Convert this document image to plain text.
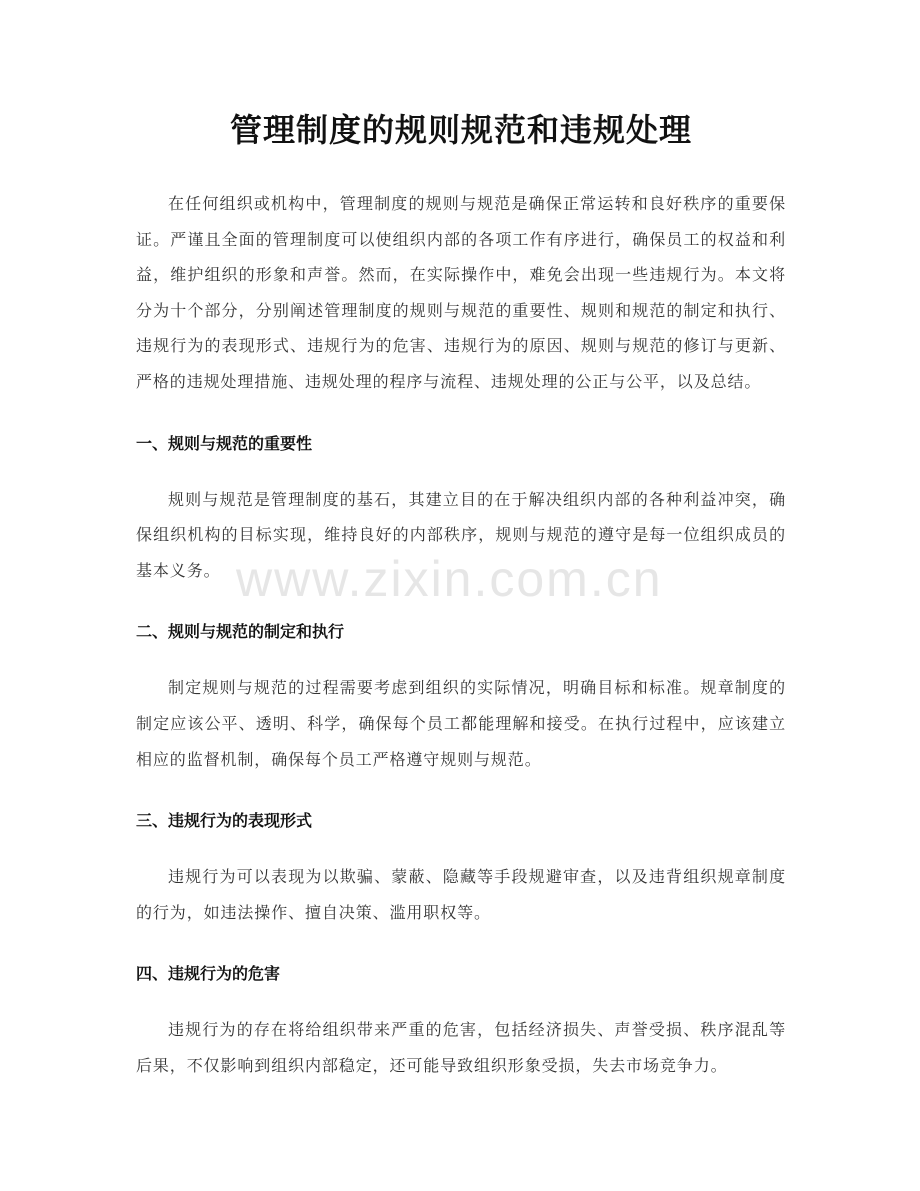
www.zixin.com.cn
管理制度的规则规范和违规处理

在任何组织或机构中，管理制度的规则与规范是确保正常运转和良好秩序的重要保证。严谨且全面的管理制度可以使组织内部的各项工作有序进行，确保员工的权益和利益，维护组织的形象和声誉。然而，在实际操作中，难免会出现一些违规行为。本文将分为十个部分，分别阐述管理制度的规则与规范的重要性、规则和规范的制定和执行、违规行为的表现形式、违规行为的危害、违规行为的原因、规则与规范的修订与更新、严格的违规处理措施、违规处理的程序与流程、违规处理的公正与公平，以及总结。

一、规则与规范的重要性

规则与规范是管理制度的基石，其建立目的在于解决组织内部的各种利益冲突，确保组织机构的目标实现，维持良好的内部秩序，规则与规范的遵守是每一位组织成员的基本义务。

二、规则与规范的制定和执行

制定规则与规范的过程需要考虑到组织的实际情况，明确目标和标准。规章制度的制定应该公平、透明、科学，确保每个员工都能理解和接受。在执行过程中，应该建立相应的监督机制，确保每个员工严格遵守规则与规范。

三、违规行为的表现形式

违规行为可以表现为以欺骗、蒙蔽、隐藏等手段规避审查，以及违背组织规章制度的行为，如违法操作、擅自决策、滥用职权等。

四、违规行为的危害

违规行为的存在将给组织带来严重的危害，包括经济损失、声誉受损、秩序混乱等后果，不仅影响到组织内部稳定，还可能导致组织形象受损，失去市场竞争力。
